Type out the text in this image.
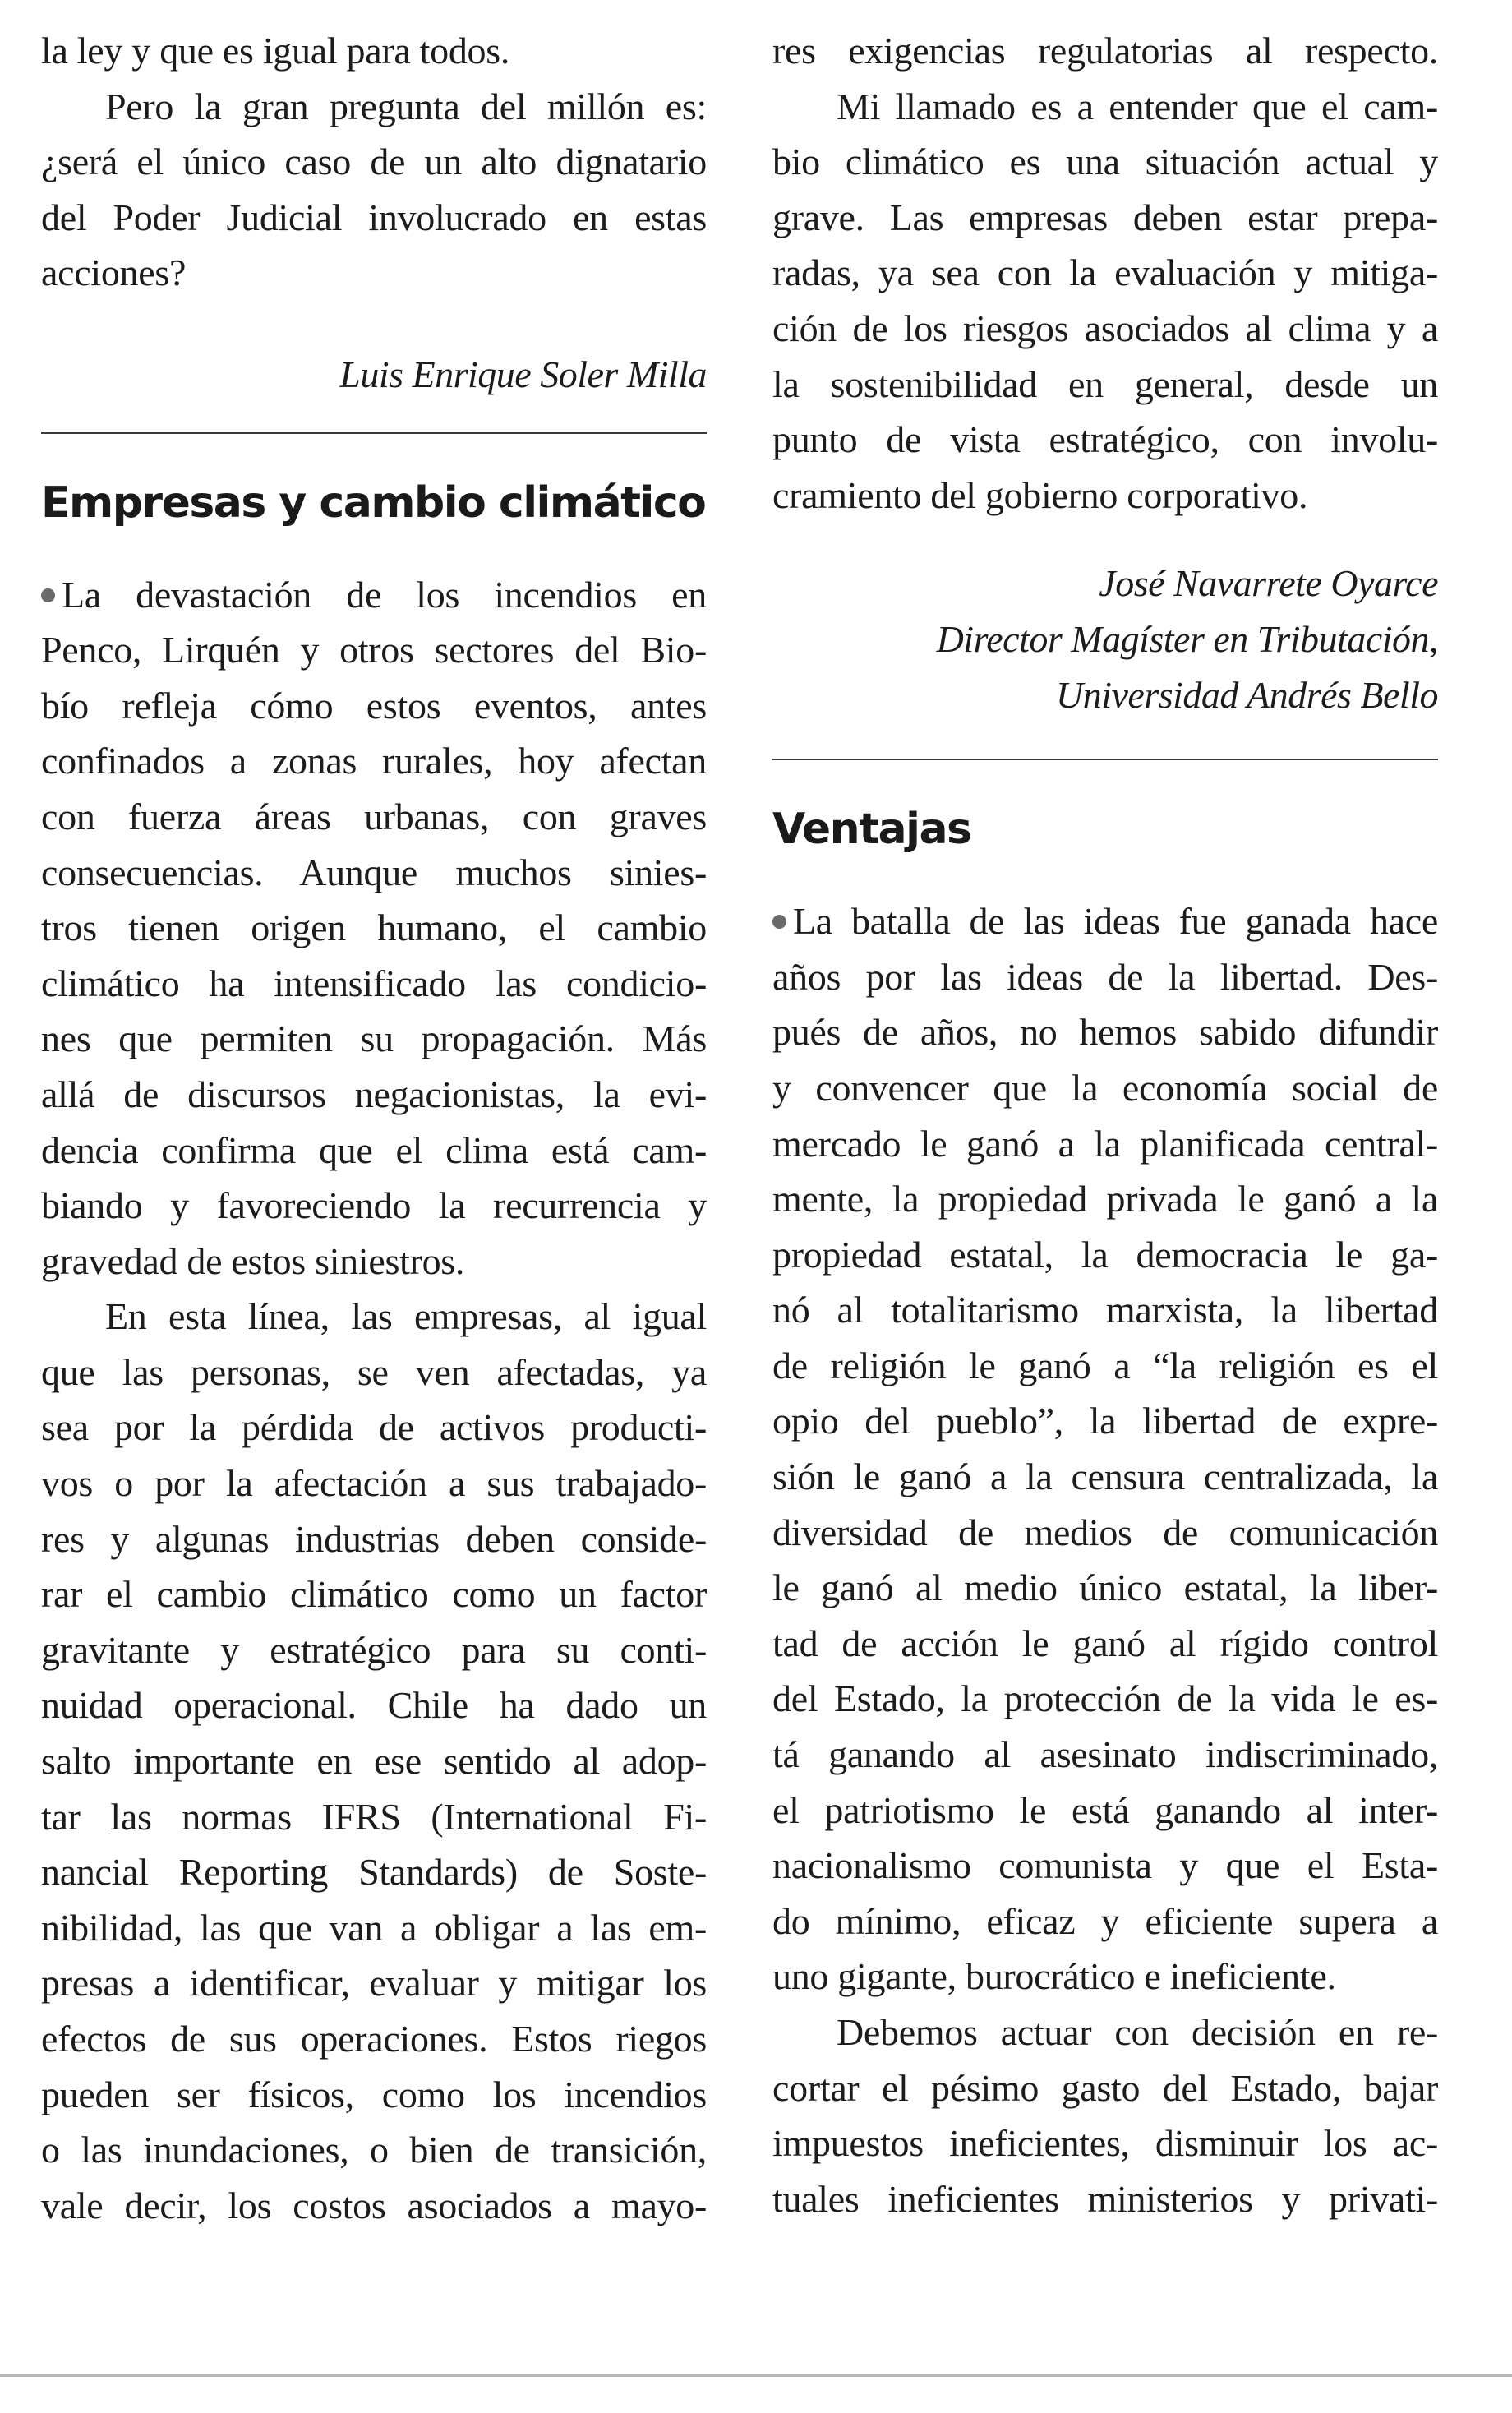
la ley y que es igual para todos.
Pero la gran pregunta del millón es:
¿será el único caso de un alto dignatario
del Poder Judicial involucrado en estas
acciones?
Luis Enrique Soler Milla
Empresas y cambio climático
La devastación de los incendios en
Penco, Lirquén y otros sectores del Bio-
bío refleja cómo estos eventos, antes
confinados a zonas rurales, hoy afectan
con fuerza áreas urbanas, con graves
consecuencias. Aunque muchos sinies-
tros tienen origen humano, el cambio
climático ha intensificado las condicio-
nes que permiten su propagación. Más
allá de discursos negacionistas, la evi-
dencia confirma que el clima está cam-
biando y favoreciendo la recurrencia y
gravedad de estos siniestros.
En esta línea, las empresas, al igual
que las personas, se ven afectadas, ya
sea por la pérdida de activos producti-
vos o por la afectación a sus trabajado-
res y algunas industrias deben conside-
rar el cambio climático como un factor
gravitante y estratégico para su conti-
nuidad operacional. Chile ha dado un
salto importante en ese sentido al adop-
tar las normas IFRS (International Fi-
nancial Reporting Standards) de Soste-
nibilidad, las que van a obligar a las em-
presas a identificar, evaluar y mitigar los
efectos de sus operaciones. Estos riegos
pueden ser físicos, como los incendios
o las inundaciones, o bien de transición,
vale decir, los costos asociados a mayo-
res exigencias regulatorias al respecto.
Mi llamado es a entender que el cam-
bio climático es una situación actual y
grave. Las empresas deben estar prepa-
radas, ya sea con la evaluación y mitiga-
ción de los riesgos asociados al clima y a
la sostenibilidad en general, desde un
punto de vista estratégico, con involu-
cramiento del gobierno corporativo.
José Navarrete Oyarce
Director Magíster en Tributación,
Universidad Andrés Bello
Ventajas
La batalla de las ideas fue ganada hace
años por las ideas de la libertad. Des-
pués de años, no hemos sabido difundir
y convencer que la economía social de
mercado le ganó a la planificada central-
mente, la propiedad privada le ganó a la
propiedad estatal, la democracia le ga-
nó al totalitarismo marxista, la libertad
de religión le ganó a “la religión es el
opio del pueblo”, la libertad de expre-
sión le ganó a la censura centralizada, la
diversidad de medios de comunicación
le ganó al medio único estatal, la liber-
tad de acción le ganó al rígido control
del Estado, la protección de la vida le es-
tá ganando al asesinato indiscriminado,
el patriotismo le está ganando al inter-
nacionalismo comunista y que el Esta-
do mínimo, eficaz y eficiente supera a
uno gigante, burocrático e ineficiente.
Debemos actuar con decisión en re-
cortar el pésimo gasto del Estado, bajar
impuestos ineficientes, disminuir los ac-
tuales ineficientes ministerios y privati-
